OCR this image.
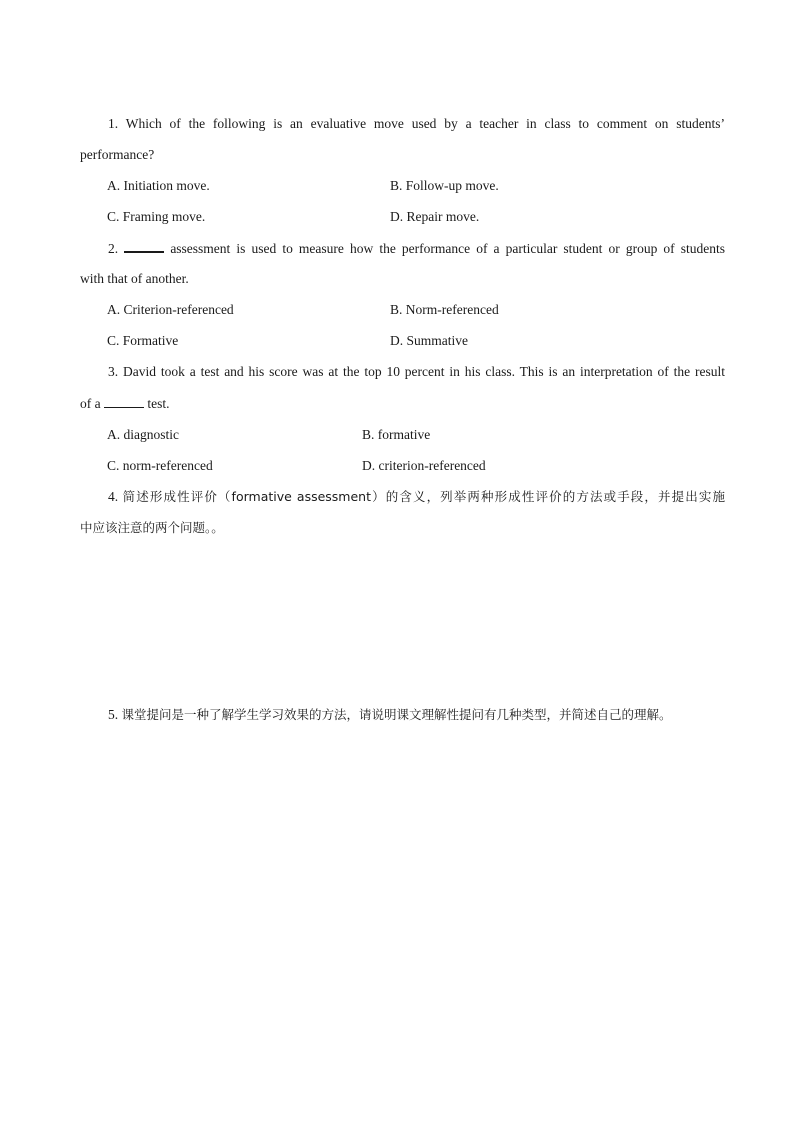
1. Which of the following is an evaluative move used by a teacher in class to comment on students’
performance?
A. Initiation move.	B. Follow-up move.
C. Framing move.	D. Repair move.
2.	assessment is used to measure how the performance of a particular student or group of students
with that of another.
A. Criterion-referenced	B. Norm-referenced
C. Formative	D. Summative
3. David took a test and his score was at the top 10 percent in his class. This is an interpretation of the result
of a	test.
A. diagnostic	B. formative
C. norm-referenced	D. criterion-referenced
4. 简述形成性评价（formative assessment）的含义，列举两种形成性评价的方法或手段，并提出实施
中应该注意的两个问题。。
5. 课堂提问是一种了解学生学习效果的方法，请说明课文理解性提问有几种类型，并简述自己的理解。
